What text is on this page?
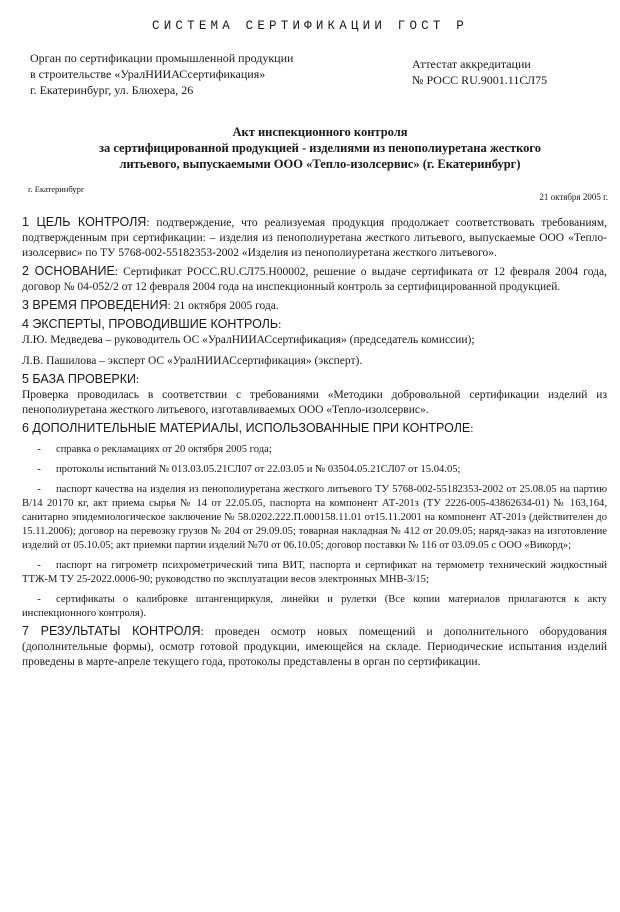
СИСТЕМА СЕРТИФИКАЦИИ ГОСТ Р
Орган по сертификации промышленной продукции
в строительстве «УралНИИАСсертификация»
г. Екатеринбург, ул. Блюхера, 26
Аттестат аккредитации
№ РОСС RU.9001.11СЛ75
Акт инспекционного контроля
за сертифицированной продукцией - изделиями из пенополиуретана жесткого
литьевого, выпускаемыми ООО «Тепло-изолсервис» (г. Екатеринбург)
г. Екатеринбург
21 октября 2005 г.
1 ЦЕЛЬ КОНТРОЛЯ: подтверждение, что реализуемая продукция продолжает соответствовать требованиям, подтвержденным при сертификации: – изделия из пенополиуретана жесткого литьевого, выпускаемые ООО «Тепло-изолсервис» по ТУ 5768-002-55182353-2002 «Изделия из пенополиуретана жесткого литьевого».
2 ОСНОВАНИЕ: Сертификат РОСС.RU.СЛ75.Н00002, решение о выдаче сертификата от 12 февраля 2004 года, договор № 04-052/2 от 12 февраля 2004 года на инспекционный контроль за сертифицированной продукцией.
3 ВРЕМЯ ПРОВЕДЕНИЯ: 21 октября 2005 года.
4 ЭКСПЕРТЫ, ПРОВОДИВШИЕ КОНТРОЛЬ:
Л.Ю. Медведева – руководитель ОС «УралНИИАСсертификация» (председатель комиссии);
Л.В. Пашилова – эксперт ОС «УралНИИАСсертификация» (эксперт).
5 БАЗА ПРОВЕРКИ:
Проверка проводилась в соответствии с требованиями «Методики добровольной сертификации изделий из пенополиуретана жесткого литьевого, изготавливаемых ООО «Тепло-изолсервис».
6 ДОПОЛНИТЕЛЬНЫЕ МАТЕРИАЛЫ, ИСПОЛЬЗОВАННЫЕ ПРИ КОНТРОЛЕ:
- справка о рекламациях от 20 октября 2005 года;
- протоколы испытаний № 013.03.05.21СЛ07 от 22.03.05 и № 03504.05.21СЛ07 от 15.04.05;
- паспорт качества на изделия из пенополиуретана жесткого литьевого ТУ 5768-002-55182353-2002 от 25.08.05 на партию В/14 20170 кг, акт приема сырья № 14 от 22.05.05, паспорта на компонент АТ-201з (ТУ 2226-005-43862634-01) № 163,164, санитарно эпидемиологическое заключение № 58.0202.222.П.000158.11.01 от15.11.2001 на компонент АТ-201з (действителен до 15.11.2006); договор на перевозку грузов № 204 от 29.09.05; товарная накладная № 412 от 20.09.05; наряд-заказ на изготовление изделий от 05.10.05; акт приемки партии изделий №70 от 06.10.05; договор поставки № 116 от 03.09.05 с ООО «Викорд»;
- паспорт на гигрометр психрометрический типа ВИТ, паспорта и сертификат на термометр технический жидкостный ТТЖ-М ТУ 25-2022.0006-90; руководство по эксплуатации весов электронных МНВ-3/15;
- сертификаты о калибровке штангенциркуля, линейки и рулетки (Все копии материалов прилагаются к акту инспекционного контроля).
7 РЕЗУЛЬТАТЫ КОНТРОЛЯ: проведен осмотр новых помещений и дополнительного оборудования (дополнительные формы), осмотр готовой продукции, имеющейся на складе. Периодические испытания изделий проведены в марте-апреле текущего года, протоколы представлены в орган по сертификации.
